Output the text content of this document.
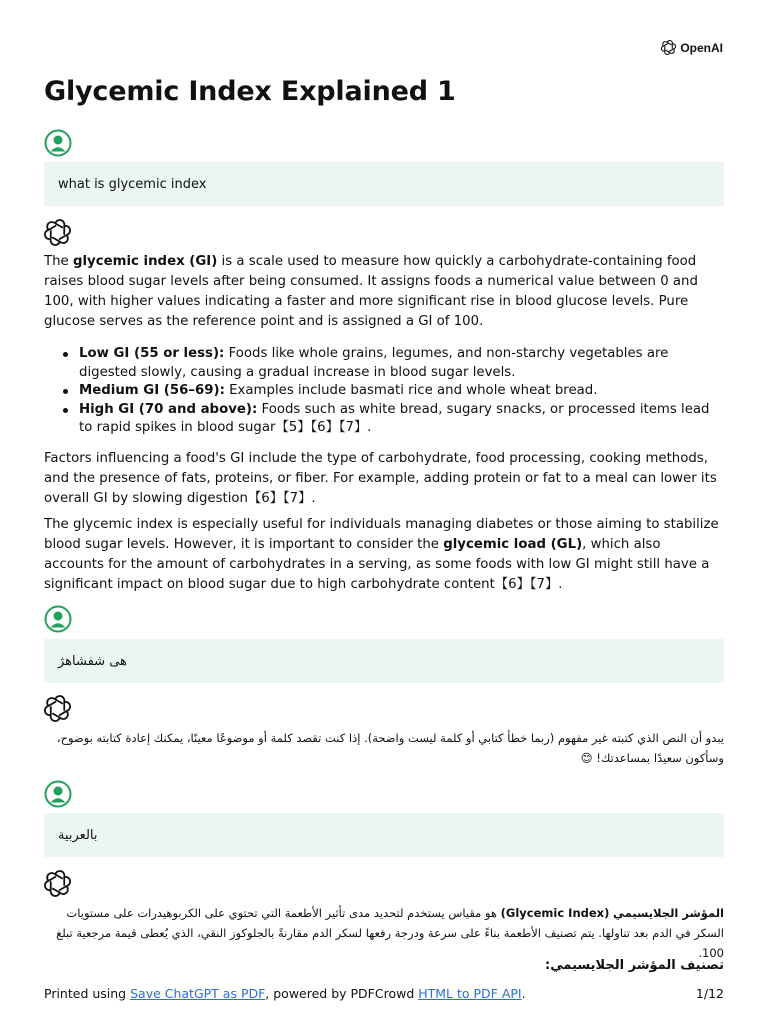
OpenAI
Glycemic Index Explained 1
what is glycemic index

The glycemic index (GI) is a scale used to measure how quickly a carbohydrate-containing food raises blood sugar levels after being consumed. It assigns foods a numerical value between 0 and 100, with higher values indicating a faster and more significant rise in blood glucose levels. Pure glucose serves as the reference point and is assigned a GI of 100.

Low GI (55 or less): Foods like whole grains, legumes, and non-starchy vegetables are digested slowly, causing a gradual increase in blood sugar levels.
Medium GI (56–69): Examples include basmati rice and whole wheat bread.
High GI (70 and above): Foods such as white bread, sugary snacks, or processed items lead to rapid spikes in blood sugar【5】【6】【7】.

Factors influencing a food's GI include the type of carbohydrate, food processing, cooking methods, and the presence of fats, proteins, or fiber. For example, adding protein or fat to a meal can lower its overall GI by slowing digestion【6】【7】.

The glycemic index is especially useful for individuals managing diabetes or those aiming to stabilize blood sugar levels. However, it is important to consider the glycemic load (GL), which also accounts for the amount of carbohydrates in a serving, as some foods with low GI might still have a significant impact on blood sugar due to high carbohydrate content【6】【7】.

هی شفشاهژ

يبدو أن النص الذي كتبته غير مفهوم (ربما خطأ كتابي أو كلمة ليست واضحة). إذا كنت تقصد كلمة أو موضوعًا معينًا، يمكنك إعادة كتابته بوضوح، وسأكون سعيدًا بمساعدتك! 😊

بالعربية

المؤشر الجلايسيمي (Glycemic Index) هو مقياس يستخدم لتحديد مدى تأثير الأطعمة التي تحتوي على الكربوهيدرات على مستويات السكر في الدم بعد تناولها. يتم تصنيف الأطعمة بناءً على سرعة ودرجة رفعها لسكر الدم مقارنةً بالجلوكوز النقي، الذي يُعطى قيمة مرجعية تبلغ 100.

تصنيف المؤشر الجلايسيمي:
Printed using Save ChatGPT as PDF, powered by PDFCrowd HTML to PDF API.	1/12
